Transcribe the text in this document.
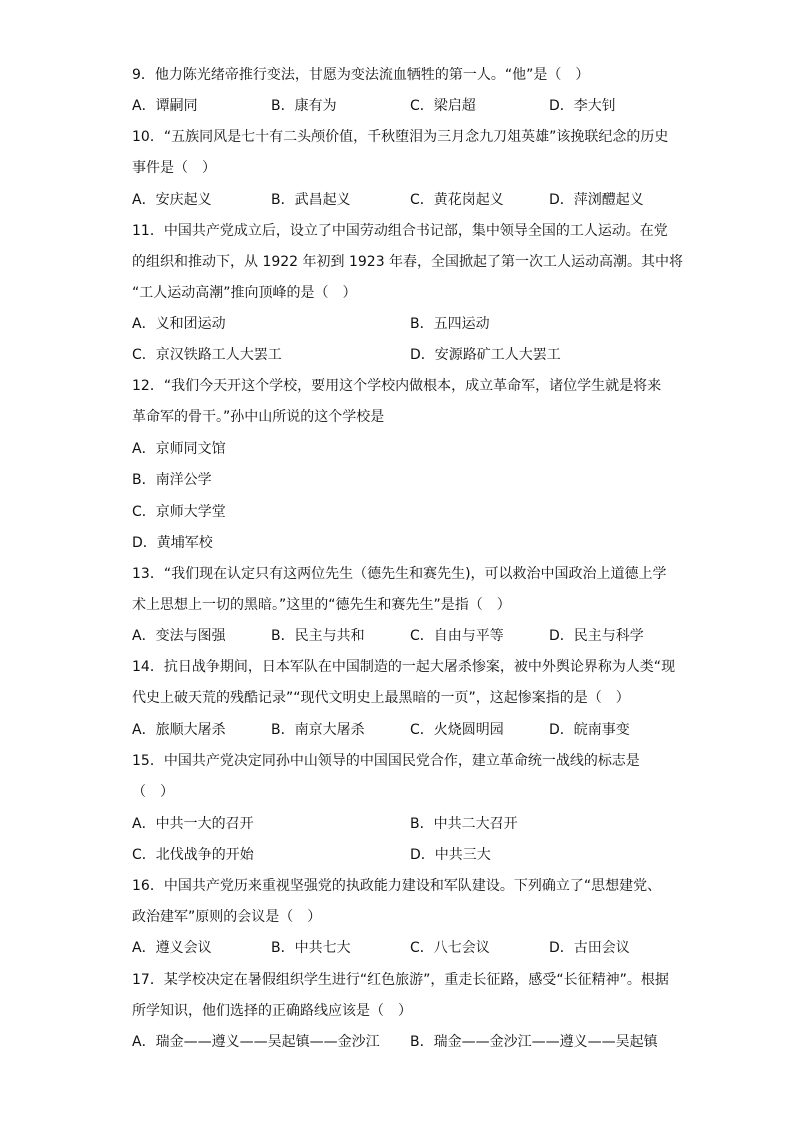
9．他力陈光绪帝推行变法，甘愿为变法流血牺牲的第一人。“他”是（　）
A．谭嗣同	B．康有为	C．梁启超	D．李大钊
10．“五族同风是七十有二头颅价值，千秋堕泪为三月念九刀俎英雄”该挽联纪念的历史
事件是（　）
A．安庆起义	B．武昌起义	C．黄花岗起义	D．萍浏醴起义
11．中国共产党成立后，设立了中国劳动组合书记部，集中领导全国的工人运动。在党
的组织和推动下，从 1922 年初到 1923 年春，全国掀起了第一次工人运动高潮。其中将
“工人运动高潮”推向顶峰的是（　）
A．义和团运动	B．五四运动
C．京汉铁路工人大罢工	D．安源路矿工人大罢工
12．“我们今天开这个学校，要用这个学校内做根本，成立革命军，诸位学生就是将来
革命军的骨干。”孙中山所说的这个学校是
A．京师同文馆
B．南洋公学
C．京师大学堂
D．黄埔军校
13．“我们现在认定只有这两位先生（德先生和赛先生)，可以救治中国政治上道德上学
术上思想上一切的黑暗。”这里的“德先生和赛先生”是指（　）
A．变法与图强	B．民主与共和	C．自由与平等	D．民主与科学
14．抗日战争期间，日本军队在中国制造的一起大屠杀惨案，被中外舆论界称为人类“现
代史上破天荒的残酷记录”“现代文明史上最黑暗的一页”，这起惨案指的是（　）
A．旅顺大屠杀	B．南京大屠杀	C．火烧圆明园	D．皖南事变
15．中国共产党决定同孙中山领导的中国国民党合作，建立革命统一战线的标志是
（　）
A．中共一大的召开	B．中共二大召开
C．北伐战争的开始	D．中共三大
16．中国共产党历来重视坚强党的执政能力建设和军队建设。下列确立了“思想建党、
政治建军”原则的会议是（　）
A．遵义会议	B．中共七大	C．八七会议	D．古田会议
17．某学校决定在暑假组织学生进行“红色旅游”，重走长征路，感受“长征精神”。根据
所学知识，他们选择的正确路线应该是（　）
A．瑞金——遵义——吴起镇——金沙江 B．瑞金——金沙江——遵义——吴起镇
